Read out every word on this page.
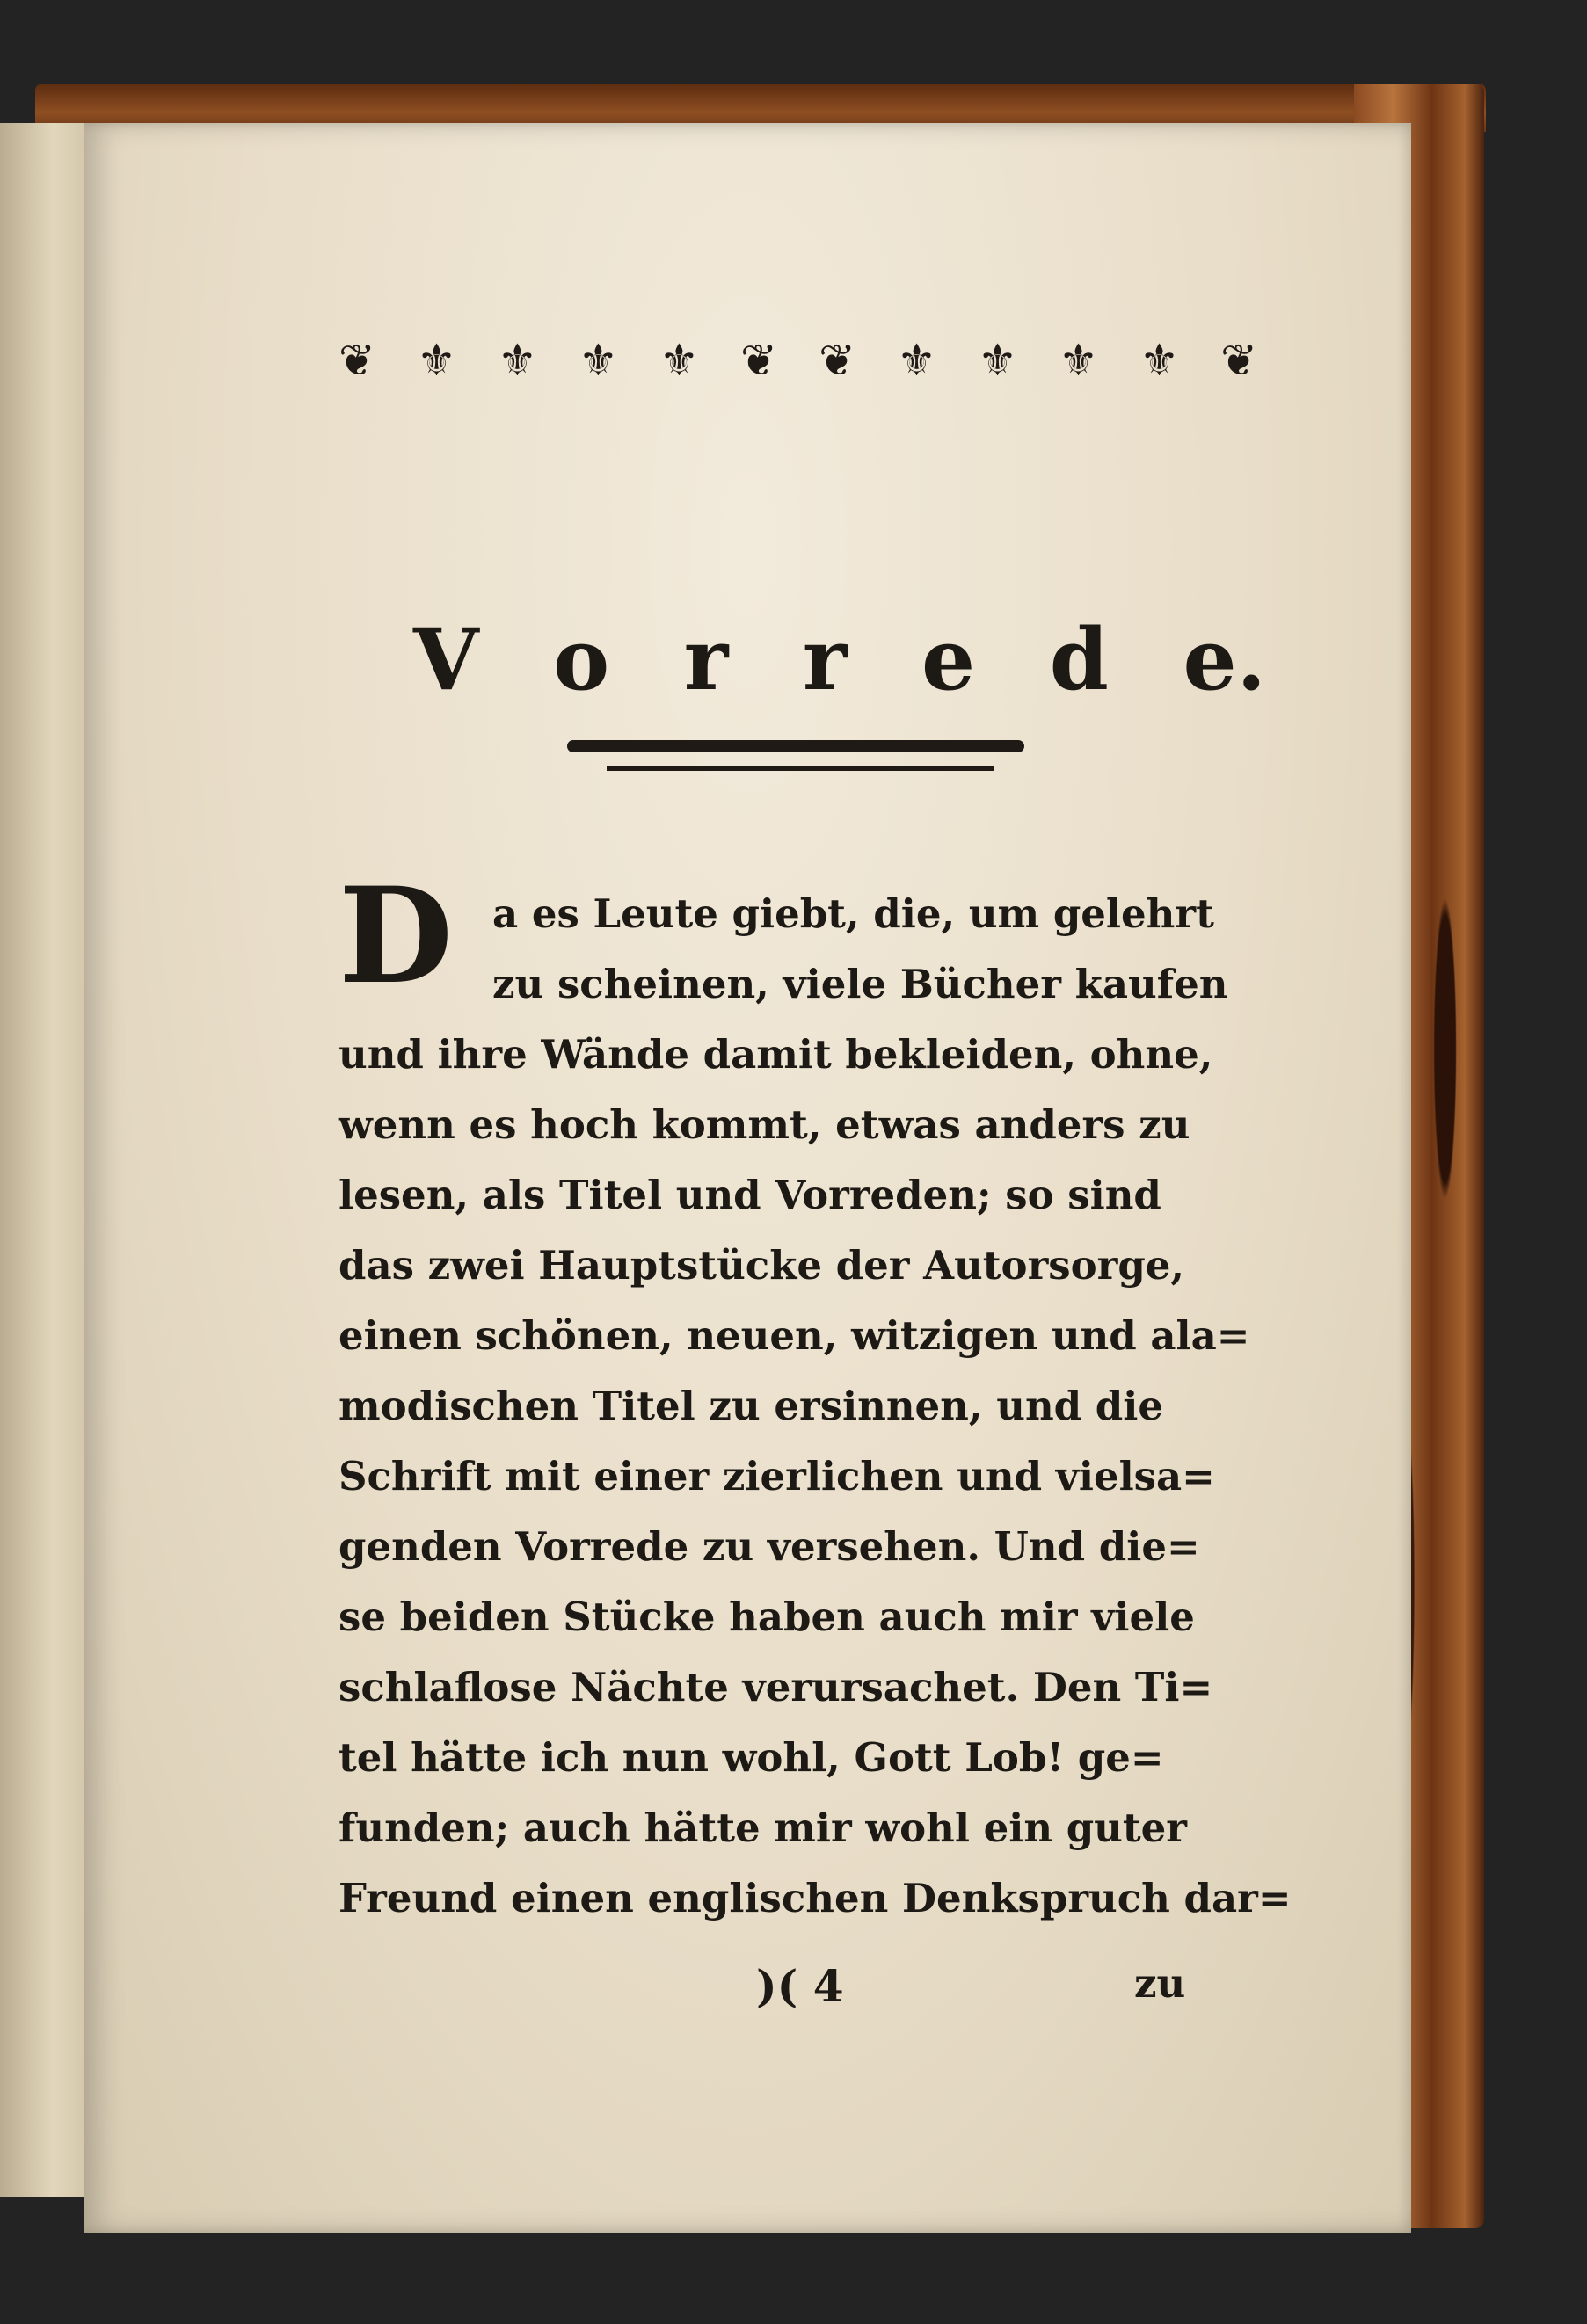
❦ ⚜ ⚜ ⚜ ⚜ ❦ ❦ ⚜ ⚜ ⚜ ⚜ ❦
V o r r e d e.
D a es Leute giebt, die, um gelehrt
zu scheinen, viele Bücher kaufen
und ihre Wände damit bekleiden, ohne,
wenn es hoch kommt, etwas anders zu
lesen, als Titel und Vorreden; so sind
das zwei Hauptstücke der Autorsorge,
einen schönen, neuen, witzigen und ala=
modischen Titel zu ersinnen, und die
Schrift mit einer zierlichen und vielsa=
genden Vorrede zu versehen. Und die=
se beiden Stücke haben auch mir viele
schlaflose Nächte verursachet. Den Ti=
tel hätte ich nun wohl, Gott Lob! ge=
funden; auch hätte mir wohl ein guter
Freund einen englischen Denkspruch dar=
)( 4	zu
